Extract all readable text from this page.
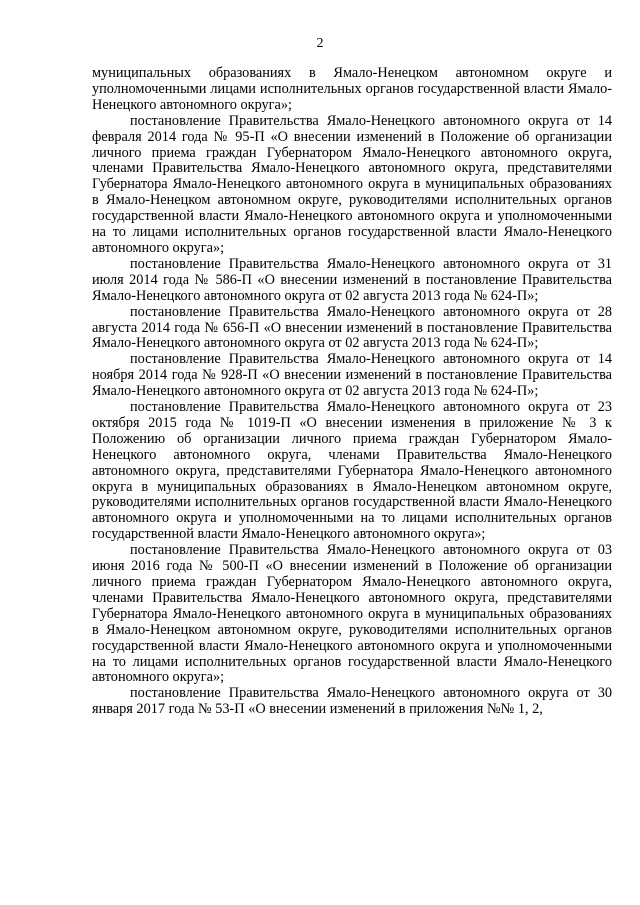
2

муниципальных образованиях в Ямало-Ненецком автономном округе и уполномоченными лицами исполнительных органов государственной власти Ямало-Ненецкого автономного округа»;

постановление Правительства Ямало-Ненецкого автономного округа от 14 февраля 2014 года № 95-П «О внесении изменений в Положение об организации личного приема граждан Губернатором Ямало-Ненецкого автономного округа, членами Правительства Ямало-Ненецкого автономного округа, представителями Губернатора Ямало-Ненецкого автономного округа в муниципальных образованиях в Ямало-Ненецком автономном округе, руководителями исполнительных органов государственной власти Ямало-Ненецкого автономного округа и уполномоченными на то лицами исполнительных органов государственной власти Ямало-Ненецкого автономного округа»;

постановление Правительства Ямало-Ненецкого автономного округа от 31 июля 2014 года № 586-П «О внесении изменений в постановление Правительства Ямало-Ненецкого автономного округа от 02 августа 2013 года № 624-П»;

постановление Правительства Ямало-Ненецкого автономного округа от 28 августа 2014 года № 656-П «О внесении изменений в постановление Правительства Ямало-Ненецкого автономного округа от 02 августа 2013 года № 624-П»;

постановление Правительства Ямало-Ненецкого автономного округа от 14 ноября 2014 года № 928-П «О внесении изменений в постановление Правительства Ямало-Ненецкого автономного округа от 02 августа 2013 года № 624-П»;

постановление Правительства Ямало-Ненецкого автономного округа от 23 октября 2015 года № 1019-П «О внесении изменения в приложение № 3 к Положению об организации личного приема граждан Губернатором Ямало-Ненецкого автономного округа, членами Правительства Ямало-Ненецкого автономного округа, представителями Губернатора Ямало-Ненецкого автономного округа в муниципальных образованиях в Ямало-Ненецком автономном округе, руководителями исполнительных органов государственной власти Ямало-Ненецкого автономного округа и уполномоченными на то лицами исполнительных органов государственной власти Ямало-Ненецкого автономного округа»;

постановление Правительства Ямало-Ненецкого автономного округа от 03 июня 2016 года № 500-П «О внесении изменений в Положение об организации личного приема граждан Губернатором Ямало-Ненецкого автономного округа, членами Правительства Ямало-Ненецкого автономного округа, представителями Губернатора Ямало-Ненецкого автономного округа в муниципальных образованиях в Ямало-Ненецком автономном округе, руководителями исполнительных органов государственной власти Ямало-Ненецкого автономного округа и уполномоченными на то лицами исполнительных органов государственной власти Ямало-Ненецкого автономного округа»;

постановление Правительства Ямало-Ненецкого автономного округа от 30 января 2017 года № 53-П «О внесении изменений в приложения №№ 1, 2,
